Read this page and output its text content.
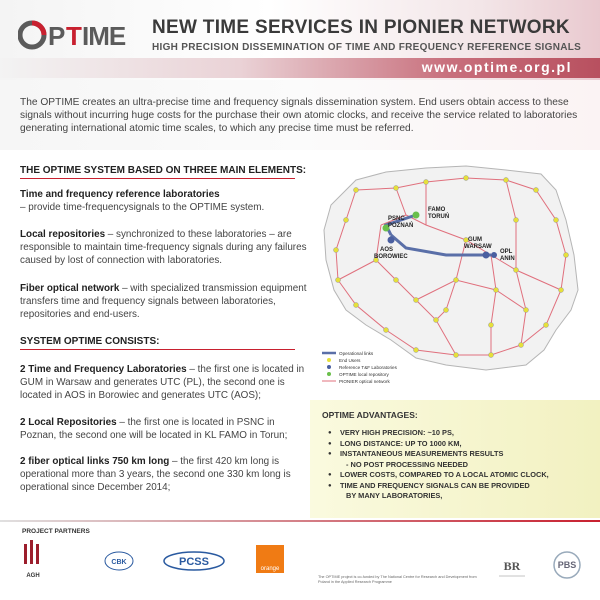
P T IME NEW TIME SERVICES IN PIONIER NETWORK
HIGH PRECISION DISSEMINATION OF TIME AND FREQUENCY REFERENCE SIGNALS
www.optime.org.pl
The OPTIME creates an ultra-precise time and frequency signals dissemination system. End users obtain access to these signals without incurring huge costs for the purchase their own atomic clocks, and receive the service related to laboratories generating international atomic time scales, to which any precise time must be referred.
THE OPTIME SYSTEM BASED ON THREE MAIN ELEMENTS:
Time and frequency reference laboratories
– provide time-frequencysignals to the OPTIME system.
Local repositories – synchronized to these laboratories – are responsible to maintain time-frequency signals during any failures caused by lost of connection with laboratories.
Fiber optical network – with specialized transmission equipment transfers time and frequency signals between laboratories, repositories and end-users.
SYSTEM OPTIME CONSISTS:
2 Time and Frequency Laboratories – the first one is located in GUM in Warsaw and generates UTC (PL), the second one is located in AOS in Borowiec and generates UTC (AOS);
2 Local Repositories – the first one is located in PSNC in Poznan, the second one will be located in KL FAMO in Torun;
2 fiber optical links 750 km long – the first 420 km long is operational more than 3 years, the second one 330 km long is operational since December 2014;
FAMO
TORUŃ
PSNC
POZNAŃ
AOS
BOROWIEC
GUM
WARSAW
OPL
ANIN
Operational links
End Users
Reference T&F Laboratories
OPTIME local repository
PIONIER optical network
OPTIME ADVANTAGES:
● VERY HIGH PRECISION: ~10 PS,
● LONG DISTANCE: UP TO 1000 KM,
● INSTANTANEOUS MEASUREMENTS RESULTS
- NO POST PROCESSING NEEDED
● LOWER COSTS, COMPARED TO A LOCAL ATOMIC CLOCK,
● TIME AND FREQUENCY SIGNALS CAN BE PROVIDED
BY MANY LABORATORIES,
PROJECT PARTNERS
AGH
CBK	PCSS
orange
The OPTIME project is co-funded by The National Centre for Research and Development from Poland in the Applied Research Programme
BR	PBS
